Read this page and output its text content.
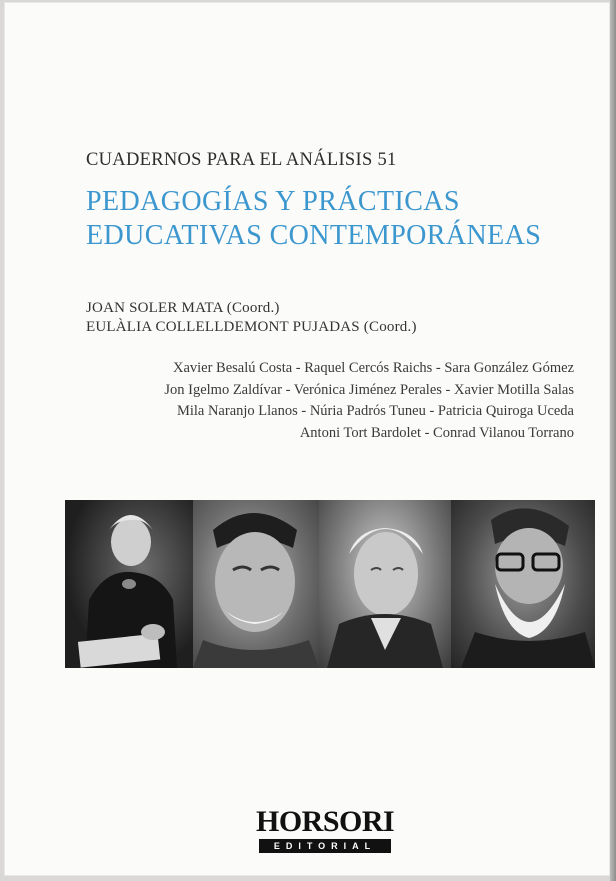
CUADERNOS PARA EL ANÁLISIS 51
PEDAGOGÍAS Y PRÁCTICAS
EDUCATIVAS CONTEMPORÁNEAS
JOAN SOLER MATA (Coord.)
EULÀLIA COLLELLDEMONT PUJADAS (Coord.)
Xavier Besalú Costa - Raquel Cercós Raichs - Sara González Gómez
Jon Igelmo Zaldívar - Verónica Jiménez Perales - Xavier Motilla Salas
Mila Naranjo Llanos - Núria Padrós Tuneu - Patricia Quiroga Uceda
Antoni Tort Bardolet - Conrad Vilanou Torrano
HORSORI
EDITORIAL
